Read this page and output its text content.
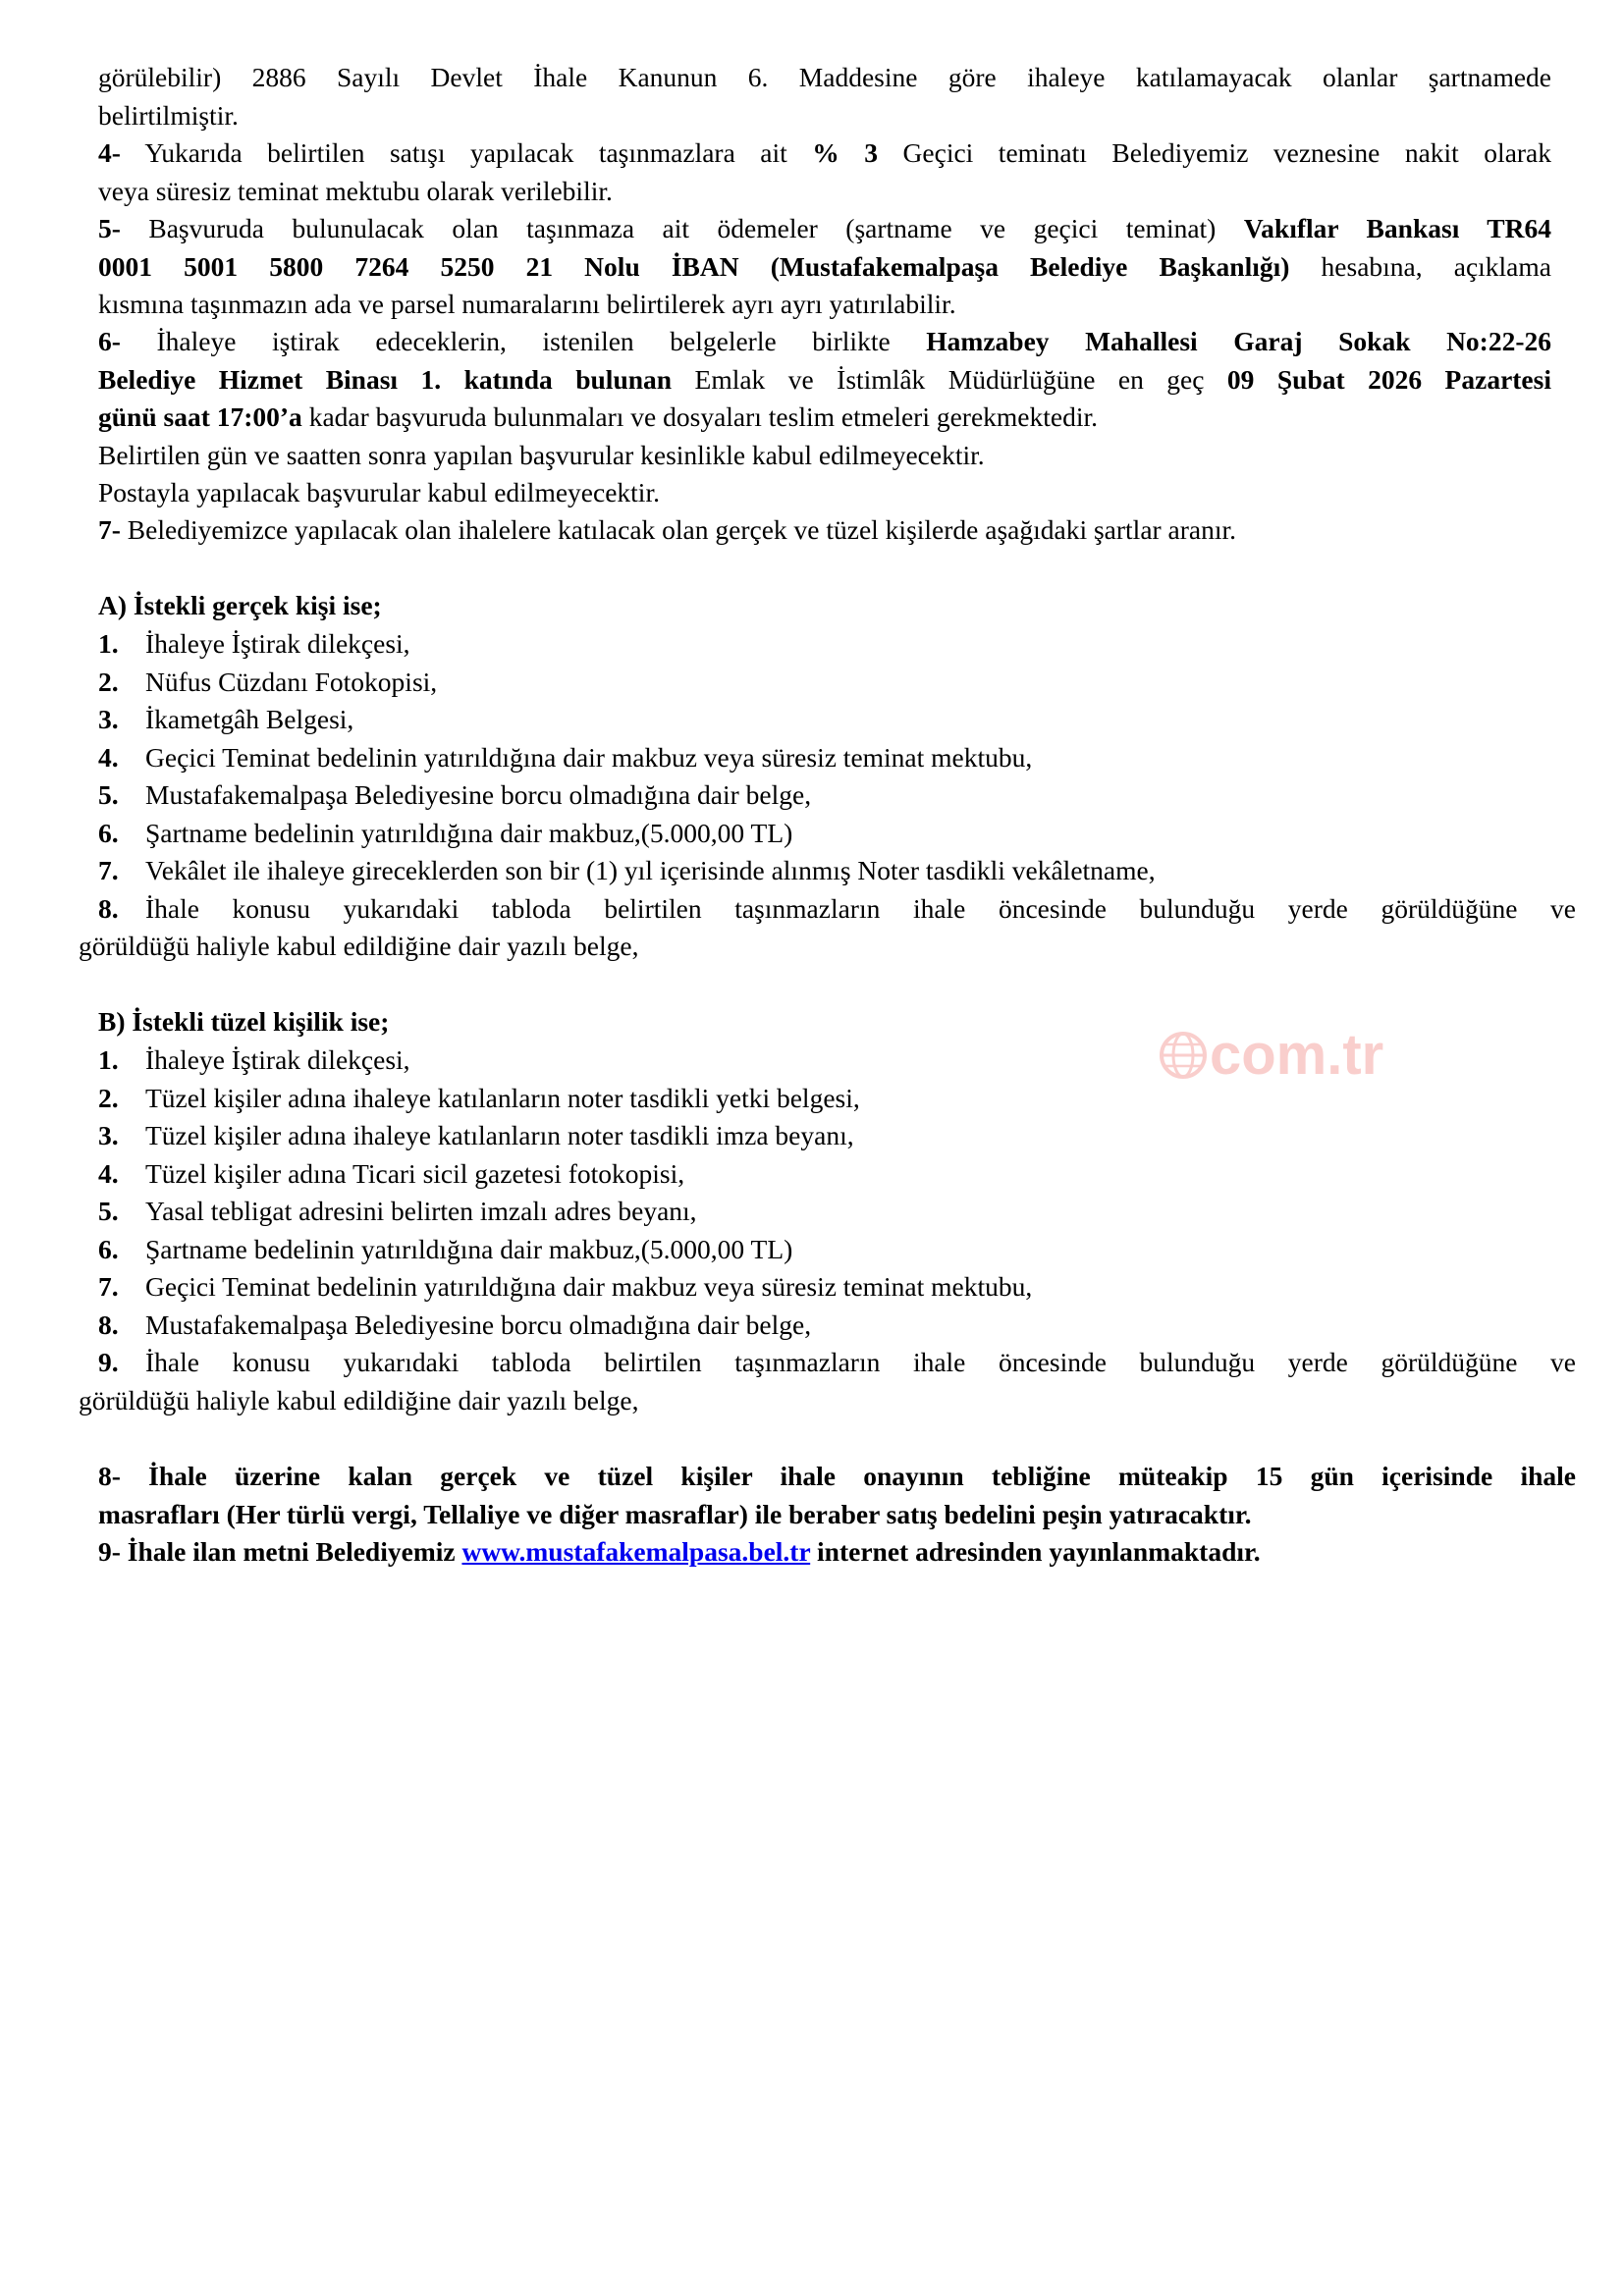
görülebilir) 2886 Sayılı Devlet İhale Kanunun 6. Maddesine göre ihaleye katılamayacak olanlar şartnamede
belirtilmiştir.
4- Yukarıda belirtilen satışı yapılacak taşınmazlara ait % 3 Geçici teminatı Belediyemiz veznesine nakit olarak
veya süresiz teminat mektubu olarak verilebilir.
5- Başvuruda bulunulacak olan taşınmaza ait ödemeler (şartname ve geçici teminat) Vakıflar Bankası TR64
0001 5001 5800 7264 5250 21 Nolu İBAN (Mustafakemalpaşa Belediye Başkanlığı) hesabına, açıklama
kısmına taşınmazın ada ve parsel numaralarını belirtilerek ayrı ayrı yatırılabilir.
6- İhaleye iştirak edeceklerin, istenilen belgelerle birlikte Hamzabey Mahallesi Garaj Sokak No:22-26
Belediye Hizmet Binası 1. katında bulunan Emlak ve İstimlâk Müdürlüğüne en geç 09 Şubat 2026 Pazartesi
günü saat 17:00’a kadar başvuruda bulunmaları ve dosyaları teslim etmeleri gerekmektedir.
Belirtilen gün ve saatten sonra yapılan başvurular kesinlikle kabul edilmeyecektir.
Postayla yapılacak başvurular kabul edilmeyecektir.
7- Belediyemizce yapılacak olan ihalelere katılacak olan gerçek ve tüzel kişilerde aşağıdaki şartlar aranır.
A) İstekli gerçek kişi ise;
1. İhaleye İştirak dilekçesi,
2. Nüfus Cüzdanı Fotokopisi,
3. İkametgâh Belgesi,
4. Geçici Teminat bedelinin yatırıldığına dair makbuz veya süresiz teminat mektubu,
5. Mustafakemalpaşa Belediyesine borcu olmadığına dair belge,
6. Şartname bedelinin yatırıldığına dair makbuz,(5.000,00 TL)
7. Vekâlet ile ihaleye gireceklerden son bir (1) yıl içerisinde alınmış Noter tasdikli vekâletname,
8. İhale konusu yukarıdaki tabloda belirtilen taşınmazların ihale öncesinde bulunduğu yerde görüldüğüne ve
görüldüğü haliyle kabul edildiğine dair yazılı belge,
com.tr
B) İstekli tüzel kişilik ise;
1. İhaleye İştirak dilekçesi,
2. Tüzel kişiler adına ihaleye katılanların noter tasdikli yetki belgesi,
3. Tüzel kişiler adına ihaleye katılanların noter tasdikli imza beyanı,
4. Tüzel kişiler adına Ticari sicil gazetesi fotokopisi,
5. Yasal tebligat adresini belirten imzalı adres beyanı,
6. Şartname bedelinin yatırıldığına dair makbuz,(5.000,00 TL)
7. Geçici Teminat bedelinin yatırıldığına dair makbuz veya süresiz teminat mektubu,
8. Mustafakemalpaşa Belediyesine borcu olmadığına dair belge,
9. İhale konusu yukarıdaki tabloda belirtilen taşınmazların ihale öncesinde bulunduğu yerde görüldüğüne ve
görüldüğü haliyle kabul edildiğine dair yazılı belge,
8- İhale üzerine kalan gerçek ve tüzel kişiler ihale onayının tebliğine müteakip 15 gün içerisinde ihale
masrafları (Her türlü vergi, Tellaliye ve diğer masraflar) ile beraber satış bedelini peşin yatıracaktır.
9- İhale ilan metni Belediyemiz www.mustafakemalpasa.bel.tr internet adresinden yayınlanmaktadır.
